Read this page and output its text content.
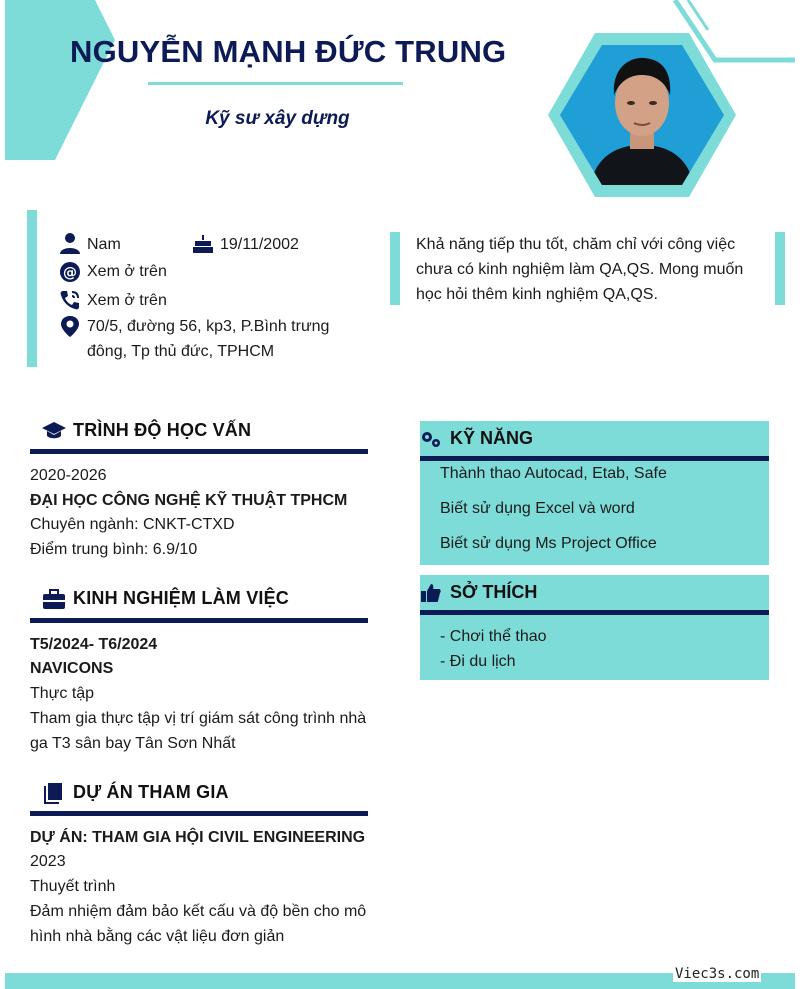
NGUYỄN MẠNH ĐỨC TRUNG
Kỹ sư xây dựng
Nam	19/11/2002
@ Xem ở trên
Xem ở trên
70/5, đường 56, kp3, P.Bình trưng đông, Tp thủ đức, TPHCM
Khả năng tiếp thu tốt, chăm chỉ với công việc chưa có kinh nghiệm làm QA,QS. Mong muốn học hỏi thêm kinh nghiệm QA,QS.
TRÌNH ĐỘ HỌC VẤN
2020-2026
ĐẠI HỌC CÔNG NGHỆ KỸ THUẬT TPHCM
Chuyên ngành: CNKT-CTXD
Điểm trung bình: 6.9/10
KINH NGHIỆM LÀM VIỆC
T5/2024- T6/2024
NAVICONS
Thực tập
Tham gia thực tập vị trí giám sát công trình nhà ga T3 sân bay Tân Sơn Nhất
DỰ ÁN THAM GIA
DỰ ÁN: THAM GIA HỘI CIVIL ENGINEERING
2023
Thuyết trình
Đảm nhiệm đảm bảo kết cấu và độ bền cho mô hình nhà bằng các vật liệu đơn giản
KỸ NĂNG
Thành thao Autocad, Etab, Safe
Biết sử dụng Excel và word
Biết sử dụng Ms Project Office
SỞ THÍCH
- Chơi thể thao
- Đi du lịch
Viec3s.com
